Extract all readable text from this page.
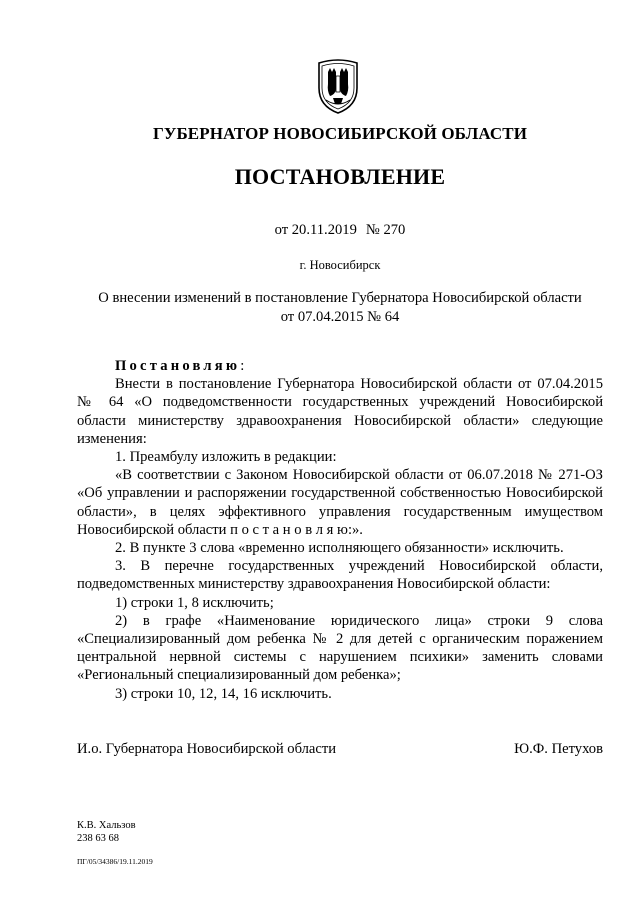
ГУБЕРНАТОР НОВОСИБИРСКОЙ ОБЛАСТИ
ПОСТАНОВЛЕНИЕ
от 20.11.2019 № 270
г. Новосибирск
О внесении изменений в постановление Губернатора Новосибирской области
от 07.04.2015 № 64

Постановляю:

Внести в постановление Губернатора Новосибирской области от 07.04.2015 № 64 «О подведомственности государственных учреждений Новосибирской области министерству здравоохранения Новосибирской области» следующие изменения:

1. Преамбулу изложить в редакции:

«В соответствии с Законом Новосибирской области от 06.07.2018 № 271-ОЗ «Об управлении и распоряжении государственной собственностью Новосибирской области», в целях эффективного управления государственным имуществом Новосибирской области п о с т а н о в л я ю:».

2. В пункте 3 слова «временно исполняющего обязанности» исключить.

3. В перечне государственных учреждений Новосибирской области, подведомственных министерству здравоохранения Новосибирской области:

1) строки 1, 8 исключить;

2) в графе «Наименование юридического лица» строки 9 слова «Специализированный дом ребенка № 2 для детей с органическим поражением центральной нервной системы с нарушением психики» заменить словами «Региональный специализированный дом ребенка»;

3) строки 10, 12, 14, 16 исключить.

И.о. Губернатора Новосибирской области	Ю.Ф. Петухов
К.В. Хальзов
238 63 68
ПГ/05/34386/19.11.2019
